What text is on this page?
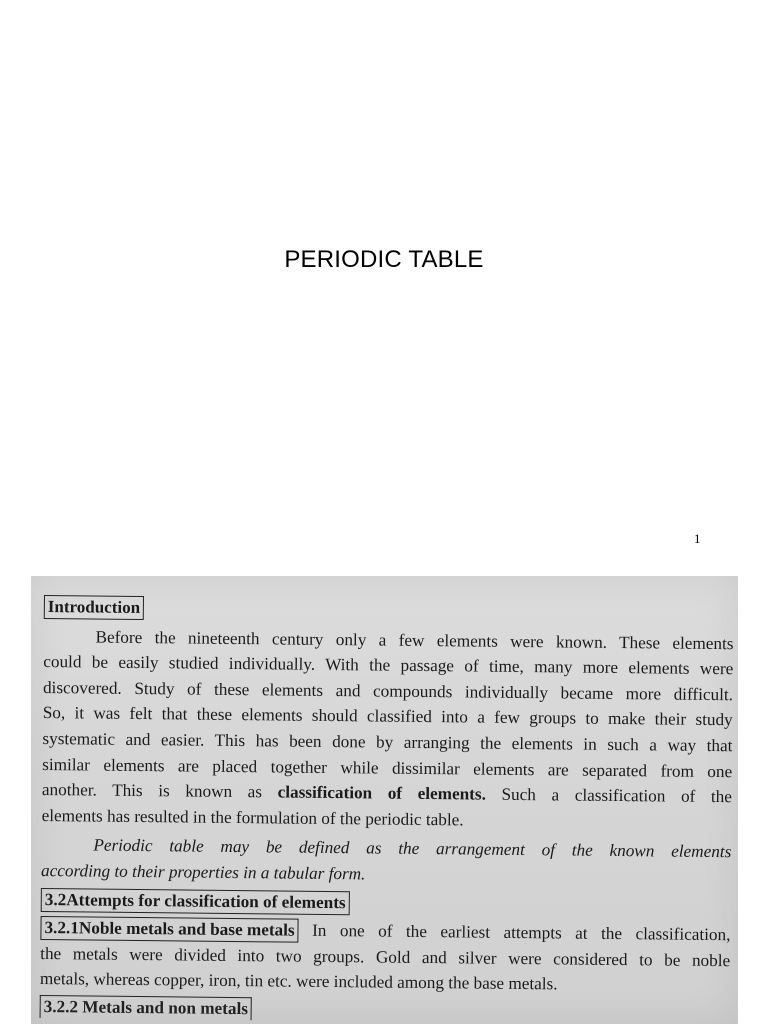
PERIODIC TABLE
1
Introduction
Before the nineteenth century only a few elements were known. These elements
could be easily studied individually. With the passage of time, many more elements were
discovered. Study of these elements and compounds individually became more difficult.
So, it was felt that these elements should classified into a few groups to make their study
systematic and easier. This has been done by arranging the elements in such a way that
similar elements are placed together while dissimilar elements are separated from one
another. This is known as classification of elements. Such a classification of the
elements has resulted in the formulation of the periodic table.
Periodic table may be defined as the arrangement of the known elements
according to their properties in a tabular form.
3.2Attempts for classification of elements
3.2.1Noble metals and base metals In one of the earliest attempts at the classification,
the metals were divided into two groups. Gold and silver were considered to be noble
metals, whereas copper, iron, tin etc. were included among the base metals.
3.2.2 Metals and non metals
